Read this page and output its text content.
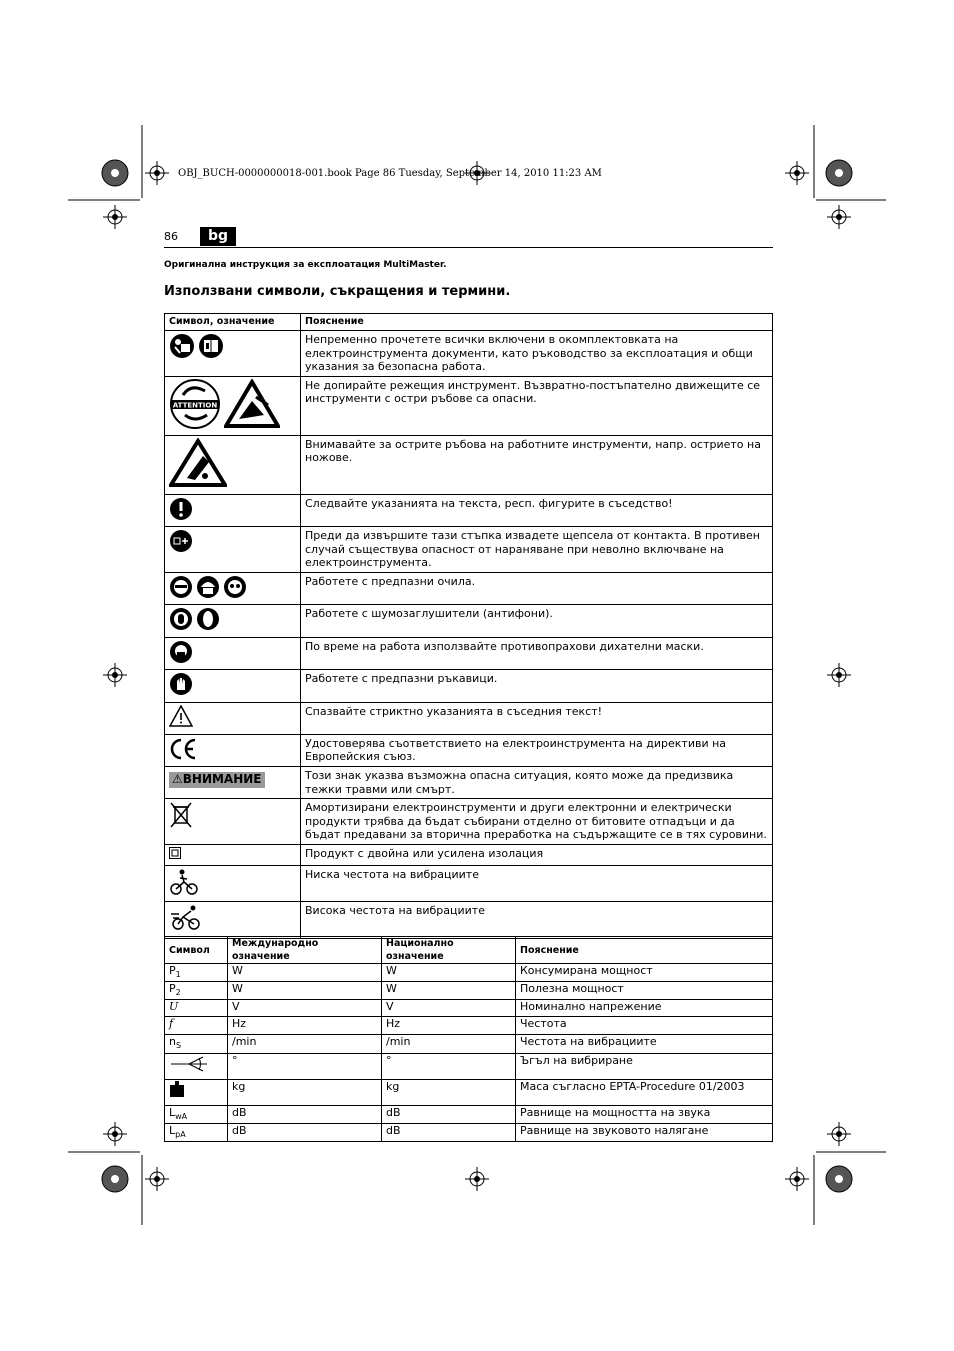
OBJ_BUCH-0000000018-001.book Page 86 Tuesday, September 14, 2010 11:23 AM
86	bg
Оригинална инструкция за експлоатация MultiMaster.
Използвани символи, съкращения и термини.
Символ, означение	Пояснение
	Непременно прочетете всички включени в окомплектовката на електроинструмента документи, като ръководство за експлоатация и общи указания за безопасна работа.

ATTENTION	Не допирайте режещия инструмент. Възвратно-постъпателно движещите се инструменти с остри ръбове са опасни.
	Внимавайте за острите ръбова на работните инструменти, напр. острието на ножове.
	Следвайте указанията на текста, респ. фигурите в съседство!
	Преди да извършите тази стъпка извадете щепсела от контакта. В противен случай съществува опасност от нараняване при неволно включване на електроинструмента.
	Работете с предпазни очила.
	Работете с шумозаглушители (антифони).
	По време на работа използвайте противопрахови дихателни маски.
	Работете с предпазни ръкавици.
	Спазвайте стриктно указанията в съседния текст!
	Удостоверява съответствието на електроинструмента на директиви на Европейския съюз.
⚠ВНИМАНИЕ	Този знак указва възможна опасна ситуация, която може да предизвика тежки травми или смърт.
	Амортизирани електроинструменти и други електронни и електрически продукти трябва да бъдат събирани отделно от битовите отпадъци и да бъдат предавани за вторична преработка на съдържащите се в тях суровини.
	Продукт с двойна или усилена изолация
	Ниска честота на вибрациите
	Висока честота на вибрациите
Символ	Международно означение	Национално означение	Пояснение
$P_1$	W	W	Консумирана мощност
$P_2$	W	W	Полезна мощност
U	V	V	Номинално напрежение
f	Hz	Hz	Честота
$n_S$	/min	/min	Честота на вибрациите
	°	°	Ъгъл на вибриране
	kg	kg	Маса съгласно EPTA-Procedure 01/2003
$L_{wA}$	dB	dB	Равнище на мощността на звука
$L_{pA}$	dB	dB	Равнище на звуковото налягане
